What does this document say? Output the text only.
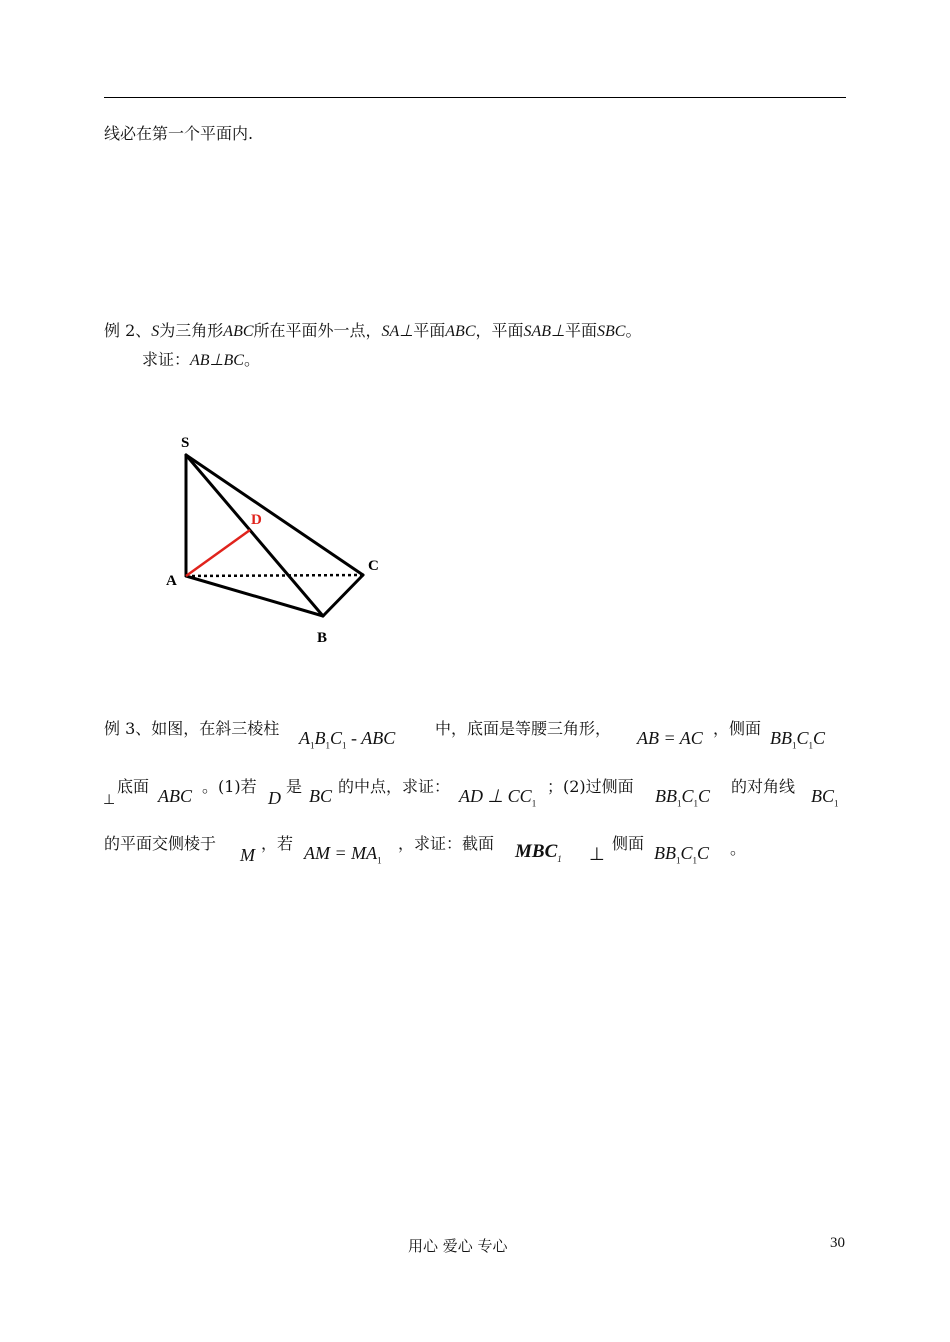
线必在第一个平面内.
例 2、S为三角形ABC所在平面外一点，SA⊥平面ABC，平面SAB⊥平面SBC。
求证：AB⊥BC。
S
D
A
B
C
例 3、如图，在斜三棱柱 $A_1B_1C_1$ - ABC 中，底面是等腰三角形， AB = AC ，侧面 $BB_1C_1C$
⊥
底面 ABC 。(1)若
D
是 BC 的中点，求证： AD ⊥ $CC_1$
；(2)过侧面 $BB_1C_1C$ 的对角线 $BC_1$
的平面交侧棱于
M
，若 AM = $MA_1$
，求证：截面 $MBC_1$ ⊥
侧面 $BB_1C_1C$ 。
用心 爱心 专心	30
